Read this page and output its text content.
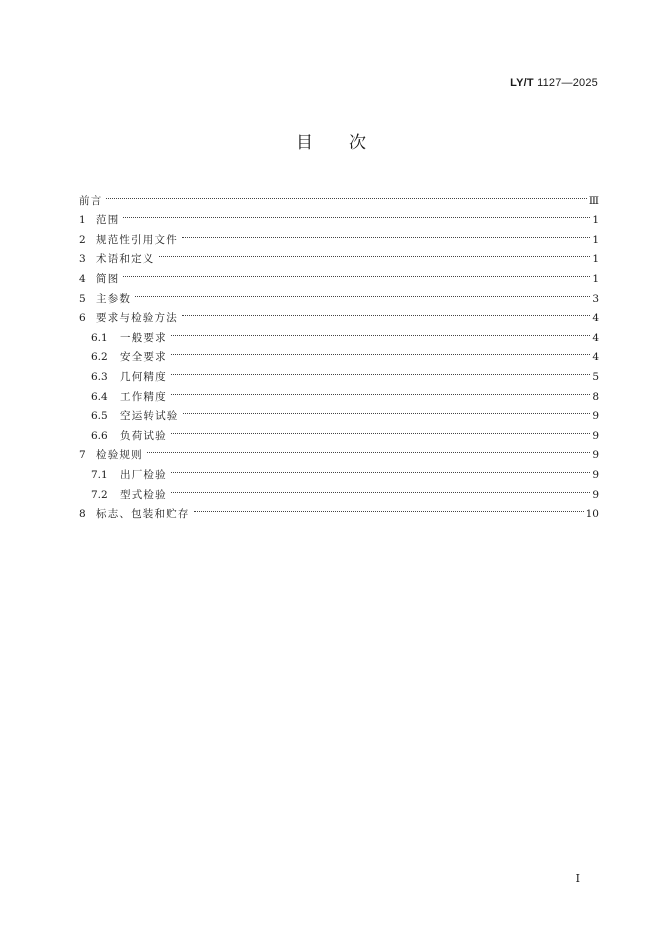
LY/T 1127—2025
目 次
前言	Ⅲ
1 范围	1
2 规范性引用文件	1
3 术语和定义	1
4 简图	1
5 主参数	3
6 要求与检验方法	4
6.1	一般要求	4
6.2	安全要求	4
6.3	几何精度	5
6.4	工作精度	8
6.5	空运转试验	9
6.6	负荷试验	9
7 检验规则	9
7.1	出厂检验	9
7.2	型式检验	9
8 标志、包装和贮存	10
I
